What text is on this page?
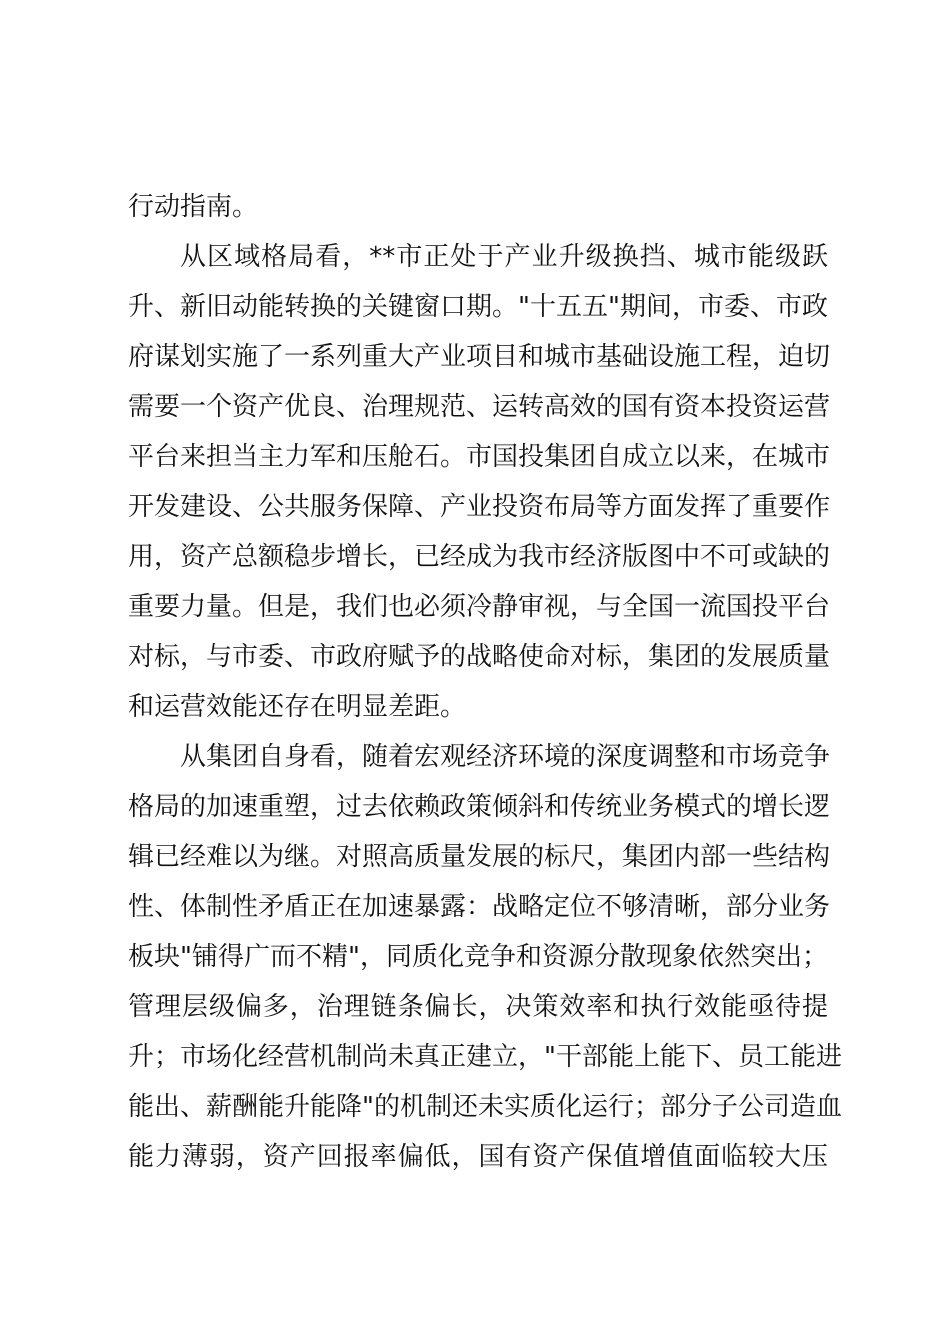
行动指南。
从区域格局看，**市正处于产业升级换挡、城市能级跃
升、新旧动能转换的关键窗口期。"十五五"期间，市委、市政
府谋划实施了一系列重大产业项目和城市基础设施工程，迫切
需要一个资产优良、治理规范、运转高效的国有资本投资运营
平台来担当主力军和压舱石。市国投集团自成立以来，在城市
开发建设、公共服务保障、产业投资布局等方面发挥了重要作
用，资产总额稳步增长，已经成为我市经济版图中不可或缺的
重要力量。但是，我们也必须冷静审视，与全国一流国投平台
对标，与市委、市政府赋予的战略使命对标，集团的发展质量
和运营效能还存在明显差距。
从集团自身看，随着宏观经济环境的深度调整和市场竞争
格局的加速重塑，过去依赖政策倾斜和传统业务模式的增长逻
辑已经难以为继。对照高质量发展的标尺，集团内部一些结构
性、体制性矛盾正在加速暴露：战略定位不够清晰，部分业务
板块"铺得广而不精"，同质化竞争和资源分散现象依然突出；
管理层级偏多，治理链条偏长，决策效率和执行效能亟待提
升；市场化经营机制尚未真正建立，"干部能上能下、员工能进
能出、薪酬能升能降"的机制还未实质化运行；部分子公司造血
能力薄弱，资产回报率偏低，国有资产保值增值面临较大压
